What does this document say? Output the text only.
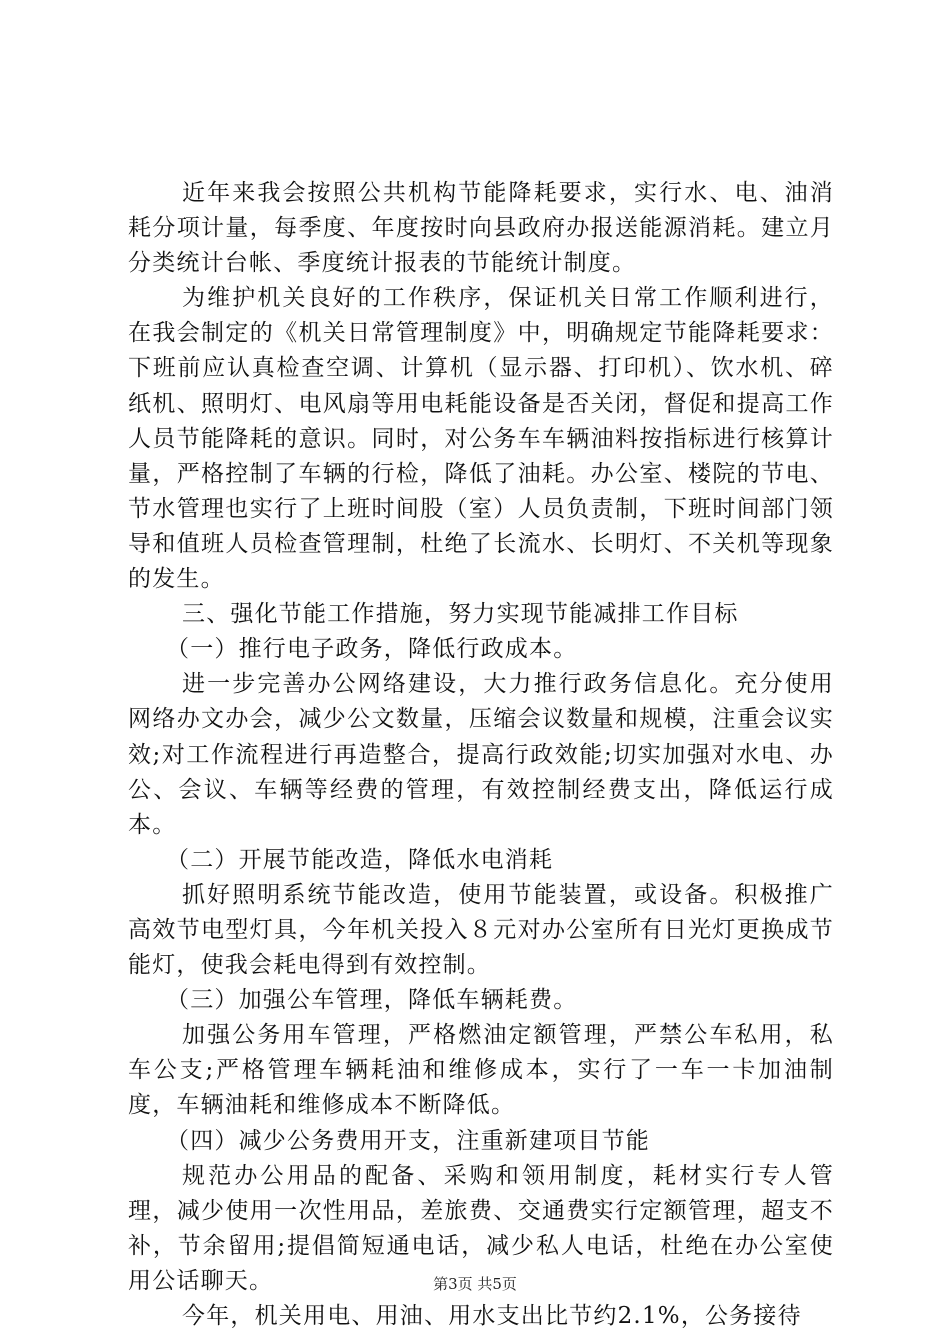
近年来我会按照公共机构节能降耗要求，实行水、电、油消耗分项计量，每季度、年度按时向县政府办报送能源消耗。建立月分类统计台帐、季度统计报表的节能统计制度。

为维护机关良好的工作秩序，保证机关日常工作顺利进行，在我会制定的《机关日常管理制度》中，明确规定节能降耗要求：下班前应认真检查空调、计算机（显示器、打印机）、饮水机、碎纸机、照明灯、电风扇等用电耗能设备是否关闭，督促和提高工作人员节能降耗的意识。同时，对公务车车辆油料按指标进行核算计量，严格控制了车辆的行检，降低了油耗。办公室、楼院的节电、节水管理也实行了上班时间股（室）人员负责制，下班时间部门领导和值班人员检查管理制，杜绝了长流水、长明灯、不关机等现象的发生。

三、强化节能工作措施，努力实现节能减排工作目标

（一）推行电子政务，降低行政成本。

进一步完善办公网络建设，大力推行政务信息化。充分使用网络办文办会，减少公文数量，压缩会议数量和规模，注重会议实效;对工作流程进行再造整合，提高行政效能;切实加强对水电、办公、会议、车辆等经费的管理，有效控制经费支出，降低运行成本。

（二）开展节能改造，降低水电消耗

抓好照明系统节能改造，使用节能装置，或设备。积极推广高效节电型灯具，今年机关投入８元对办公室所有日光灯更换成节能灯，使我会耗电得到有效控制。

（三）加强公车管理，降低车辆耗费。

加强公务用车管理，严格燃油定额管理，严禁公车私用，私车公支;严格管理车辆耗油和维修成本，实行了一车一卡加油制度，车辆油耗和维修成本不断降低。

（四）减少公务费用开支，注重新建项目节能

规范办公用品的配备、采购和领用制度，耗材实行专人管理，减少使用一次性用品，差旅费、交通费实行定额管理，超支不补，节余留用;提倡简短通电话，减少私人电话，杜绝在办公室使用公话聊天。

今年，机关用电、用油、用水支出比节约2.1%，公务接待

第3页 共5页
